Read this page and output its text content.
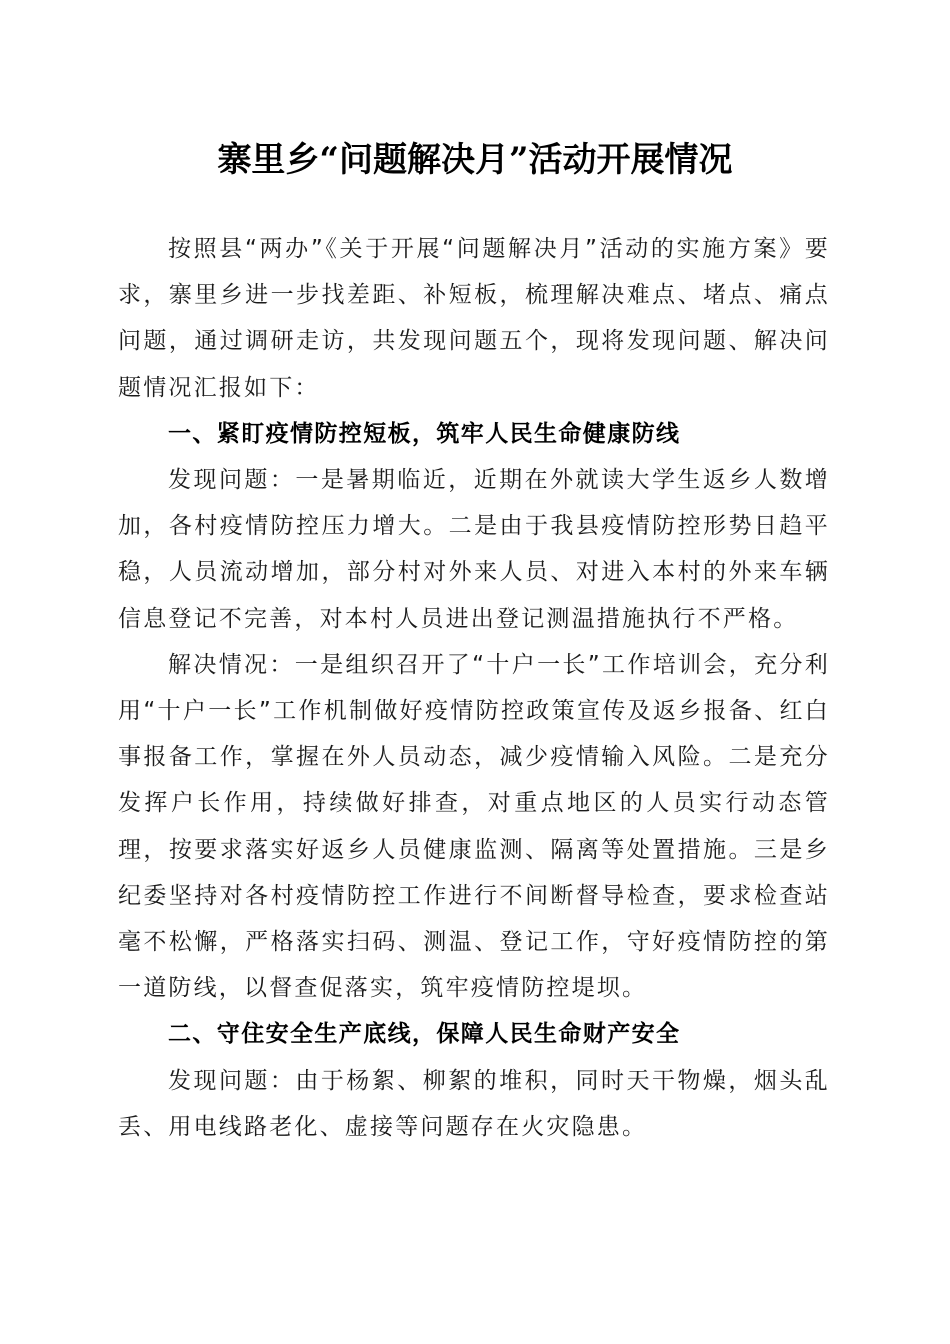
寨里乡“问题解决月”活动开展情况

按照县“两办”《关于开展“问题解决月”活动的实施方案》要求，寨里乡进一步找差距、补短板，梳理解决难点、堵点、痛点问题，通过调研走访，共发现问题五个，现将发现问题、解决问题情况汇报如下：

一、紧盯疫情防控短板，筑牢人民生命健康防线

发现问题：一是暑期临近，近期在外就读大学生返乡人数增加，各村疫情防控压力增大。二是由于我县疫情防控形势日趋平稳，人员流动增加，部分村对外来人员、对进入本村的外来车辆信息登记不完善，对本村人员进出登记测温措施执行不严格。

解决情况：一是组织召开了“十户一长”工作培训会，充分利用“十户一长”工作机制做好疫情防控政策宣传及返乡报备、红白事报备工作，掌握在外人员动态，减少疫情输入风险。二是充分发挥户长作用，持续做好排查，对重点地区的人员实行动态管理，按要求落实好返乡人员健康监测、隔离等处置措施。三是乡纪委坚持对各村疫情防控工作进行不间断督导检查，要求检查站毫不松懈，严格落实扫码、测温、登记工作，守好疫情防控的第一道防线，以督查促落实，筑牢疫情防控堤坝。

二、守住安全生产底线，保障人民生命财产安全

发现问题：由于杨絮、柳絮的堆积，同时天干物燥，烟头乱丢、用电线路老化、虚接等问题存在火灾隐患。
